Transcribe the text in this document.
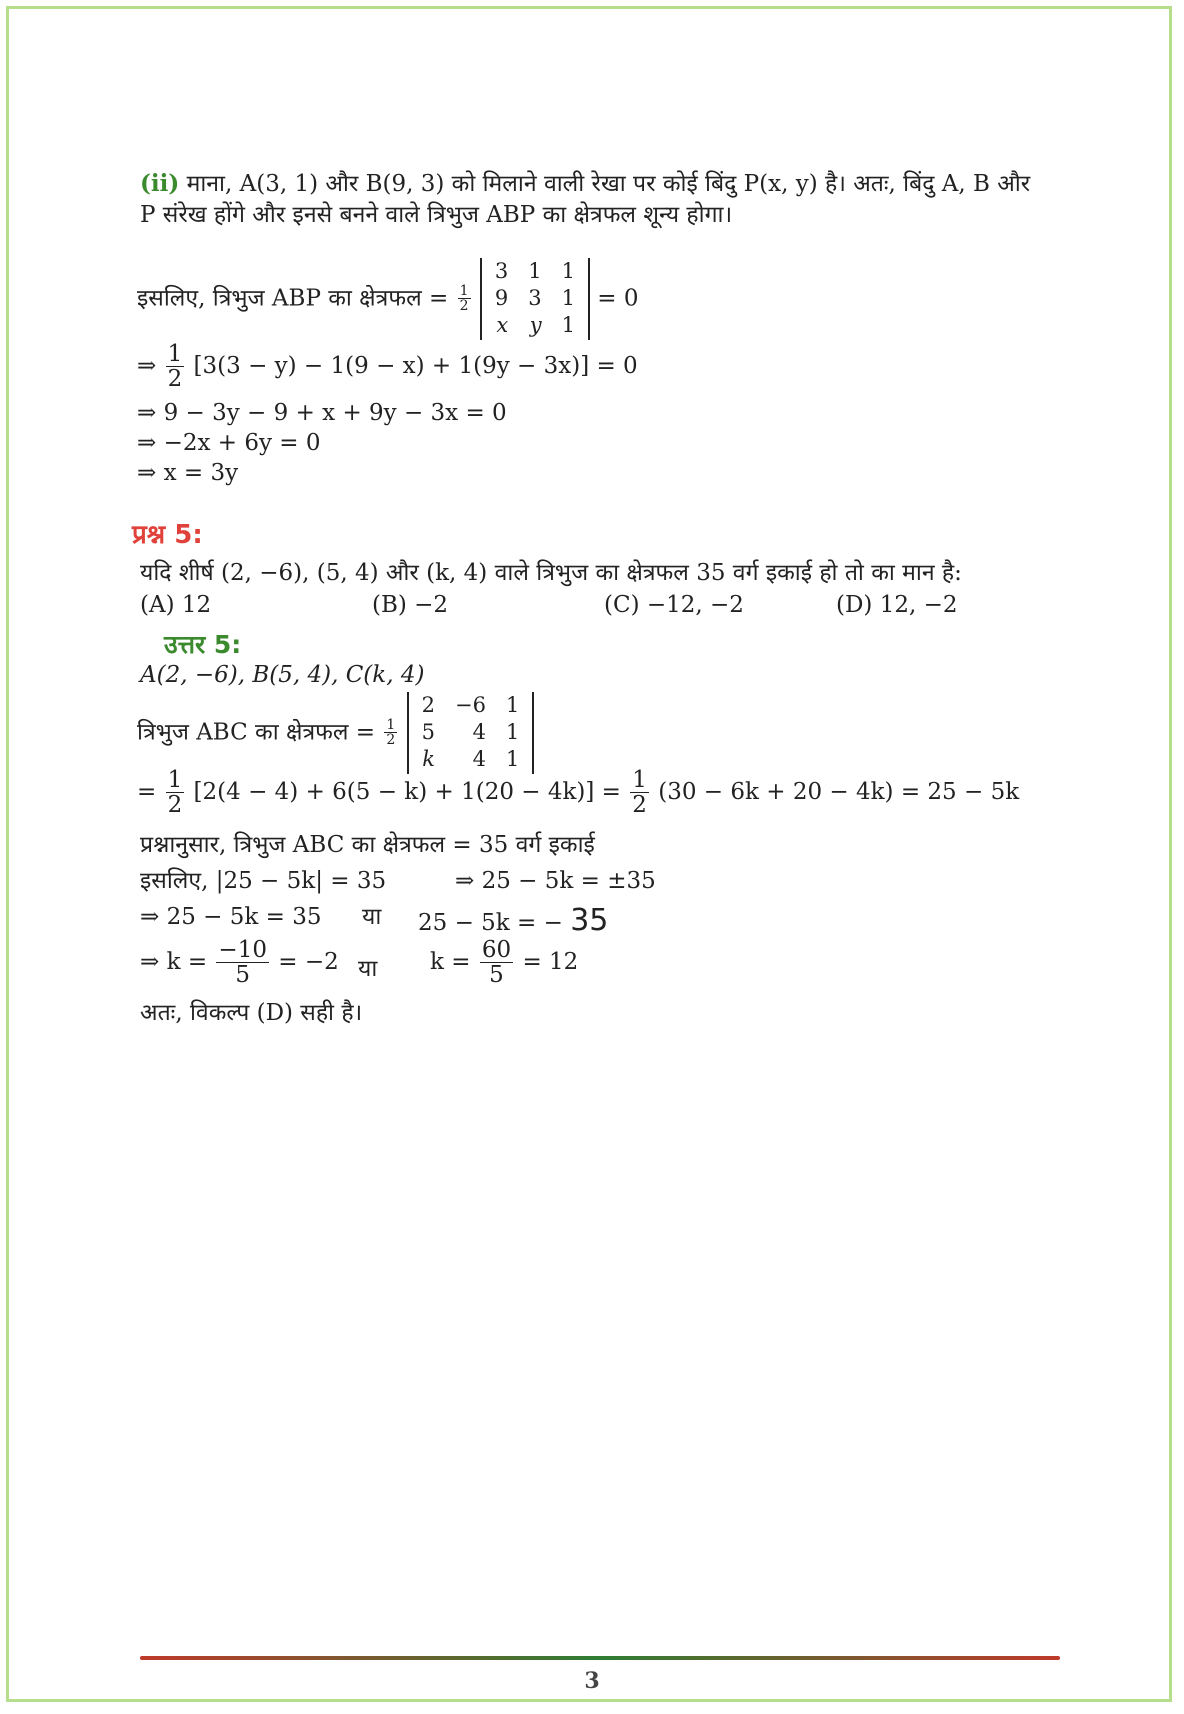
(ii) माना, A(3, 1) और B(9, 3) को मिलाने वाली रेखा पर कोई बिंदु P(x, y) है। अतः, बिंदु A, B और
P संरेख होंगे और इनसे बनने वाले त्रिभुज ABP का क्षेत्रफल शून्य होगा।
इसलिए, त्रिभुज ABP का क्षेत्रफल = $\frac{1}{2}$

3	1	1
9	3	1
x	y	1
= 0
⇒ $\frac{1}{2} [3(3 - y) - 1(9 - x) + 1(9y - 3x)] = 0$
⇒ 9 − 3y − 9 + x + 9y − 3x = 0
⇒ −2x + 6y = 0
⇒ x = 3y
प्रश्न 5:
यदि शीर्ष (2, −6), (5, 4) और (k, 4) वाले त्रिभुज का क्षेत्रफल 35 वर्ग इकाई हो तो का मान है:
(A) 12	(B) −2	(C) −12, −2	(D) 12, −2
उत्तर 5:
A(2, −6), B(5, 4), C(k, 4)
त्रिभुज ABC का क्षेत्रफल = $\frac{1}{2}$

2	−6	1
5	4	1
k	4	1
= $\frac{1}{2} [2(4 - 4) + 6(5 - k) + 1(20 - 4k)] = \frac{1}{2} (30 - 6k + 20 - 4k) = 25 - 5k$
प्रश्नानुसार, त्रिभुज ABC का क्षेत्रफल = 35 वर्ग इकाई
इसलिए, |25 − 5k| = 35	⇒ 25 − 5k = ±35
⇒ 25 − 5k = 35 या 25 − 5k = − 35
⇒ $k = \frac{-10}{5} = -2$ या $k = \frac{60}{5} = 12$
अतः, विकल्प (D) सही है।
3
